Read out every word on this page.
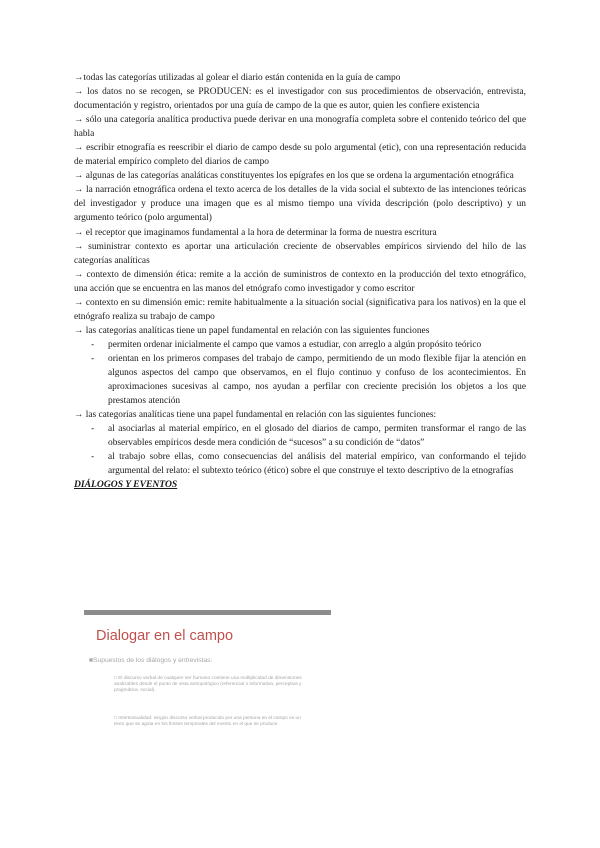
→todas las categorías utilizadas al golear el diario están contenida en la guía de campo

→ los datos no se recogen, se PRODUCEN: es el investigador con sus procedimientos de observación, entrevista, documentación y registro, orientados por una guía de campo de la que es autor, quien les confiere existencia

→ sólo una categoría analítica productiva puede derivar en una monografía completa sobre el contenido teórico del que habla

→ escribir etnografía es reescribir el diario de campo desde su polo argumental (etic), con una representación reducida de material empírico completo del diarios de campo

→ algunas de las categorías analáticas constituyentes los epígrafes en los que se ordena la argumentación etnográfica

→ la narración etnográfica ordena el texto acerca de los detalles de la vida social el subtexto de las intenciones teóricas del investigador y produce una imagen que es al mismo tiempo una vívida descripción (polo descriptivo) y un argumento teórico (polo argumental)

→ el receptor que imaginamos fundamental a la hora de determinar la forma de nuestra escritura

→ suministrar contexto es aportar una articulación creciente de observables empíricos sirviendo del hilo de las categorías analíticas

→ contexto de dimensión ética: remite a la acción de suministros de contexto en la producción del texto etnográfico, una acción que se encuentra en las manos del etnógrafo como investigador y como escritor

→ contexto en su dimensión emic: remite habitualmente a la situación social (significativa para los nativos) en la que el etnógrafo realiza su trabajo de campo

→ las categorías analíticas tiene un papel fundamental en relación con las siguientes funciones

-	permiten ordenar inicialmente el campo que vamos a estudiar, con arreglo a algún propósito teórico
-	orientan en los primeros compases del trabajo de campo, permitiendo de un modo flexible fijar la atención en algunos aspectos del campo que observamos, en el flujo continuo y confuso de los acontecimientos. En aproximaciones sucesivas al campo, nos ayudan a perfilar con creciente precisión los objetos a los que prestamos atención

→ las categorías analíticas tiene una papel fundamental en relación con las siguientes funciones:

-	al asociarlas al material empírico, en el glosado del diarios de campo, permiten transformar el rango de las observables empíricos desde mera condición de “sucesos” a su condición de “datos”
-	al trabajo sobre ellas, como consecuencias del análisis del material empírico, van conformando el tejido argumental del relato: el subtexto teórico (ético) sobre el que construye el texto descriptivo de la etnografías

DIÁLOGOS Y EVENTOS

Dialogar en el campo
■Supuestos de los diálogos y entrevistas:
□ El discurso verbal de cualquier ser humano contiene una multiplicidad de dimensiones analizables desde el punto de vista antropológico (referencial o informativa, perceptiva y pragmática, social).
□ Intertextualidad: ningún discurso verbal producido por una persona en el campo es un texto que se agota en los límites temporales del evento en el que se produce
